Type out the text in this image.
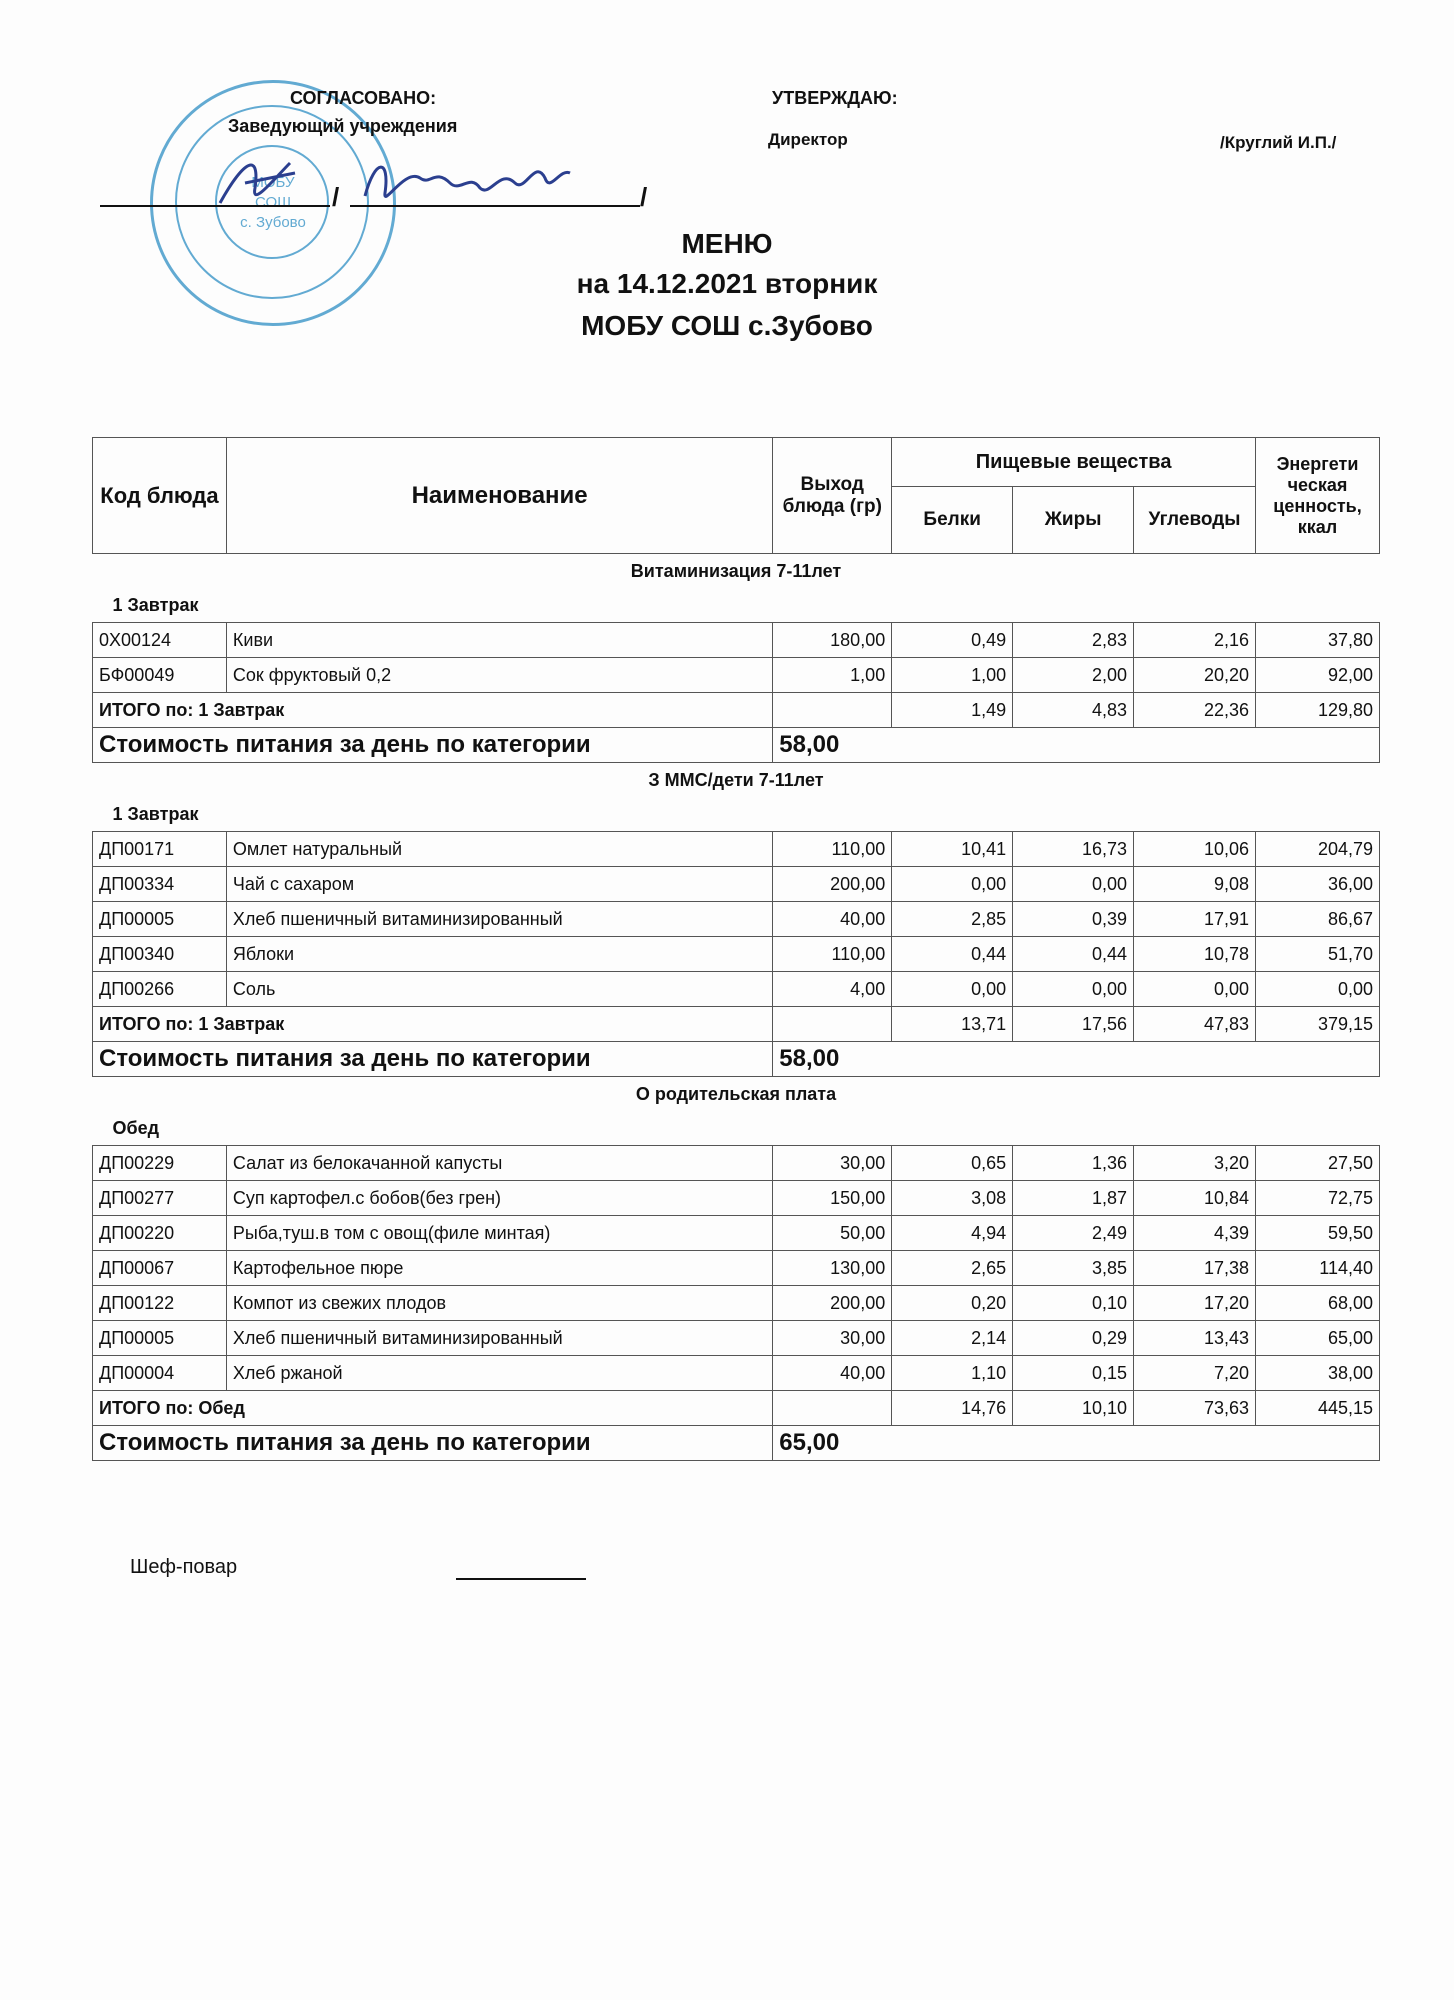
МОБУ
СОШ
с. Зубово
СОГЛАСОВАНО:
Заведующий учреждения
/	/
УТВЕРЖДАЮ:
Директор	/Круглий И.П./
МЕНЮ
на 14.12.2021 вторник
МОБУ СОШ с.Зубово
Код блюда	Наименование	Выход блюда (гр)	Пищевые вещества			Энергети ческая ценность, ккал
			Белки	Жиры	Углеводы	
Витаминизация 7-11лет						
1 Завтрак						
0Х00124	Киви	180,00	0,49	2,83	2,16	37,80
БФ00049	Сок фруктовый 0,2	1,00	1,00	2,00	20,20	92,00
ИТОГО по: 1 Завтрак			1,49	4,83	22,36	129,80
Стоимость питания за день по категории		58,00				
З ММС/дети 7-11лет						
1 Завтрак						
ДП00171	Омлет натуральный	110,00	10,41	16,73	10,06	204,79
ДП00334	Чай с сахаром	200,00	0,00	0,00	9,08	36,00
ДП00005	Хлеб пшеничный витаминизированный	40,00	2,85	0,39	17,91	86,67
ДП00340	Яблоки	110,00	0,44	0,44	10,78	51,70
ДП00266	Соль	4,00	0,00	0,00	0,00	0,00
ИТОГО по: 1 Завтрак			13,71	17,56	47,83	379,15
Стоимость питания за день по категории		58,00				
О родительская плата						
Обед						
ДП00229	Салат из белокачанной капусты	30,00	0,65	1,36	3,20	27,50
ДП00277	Суп картофел.с бобов(без грен)	150,00	3,08	1,87	10,84	72,75
ДП00220	Рыба,туш.в том с овощ(филе минтая)	50,00	4,94	2,49	4,39	59,50
ДП00067	Картофельное пюре	130,00	2,65	3,85	17,38	114,40
ДП00122	Компот из свежих плодов	200,00	0,20	0,10	17,20	68,00
ДП00005	Хлеб пшеничный витаминизированный	30,00	2,14	0,29	13,43	65,00
ДП00004	Хлеб ржаной	40,00	1,10	0,15	7,20	38,00
ИТОГО по: Обед			14,76	10,10	73,63	445,15
Стоимость питания за день по категории		65,00				
Шеф-повар
